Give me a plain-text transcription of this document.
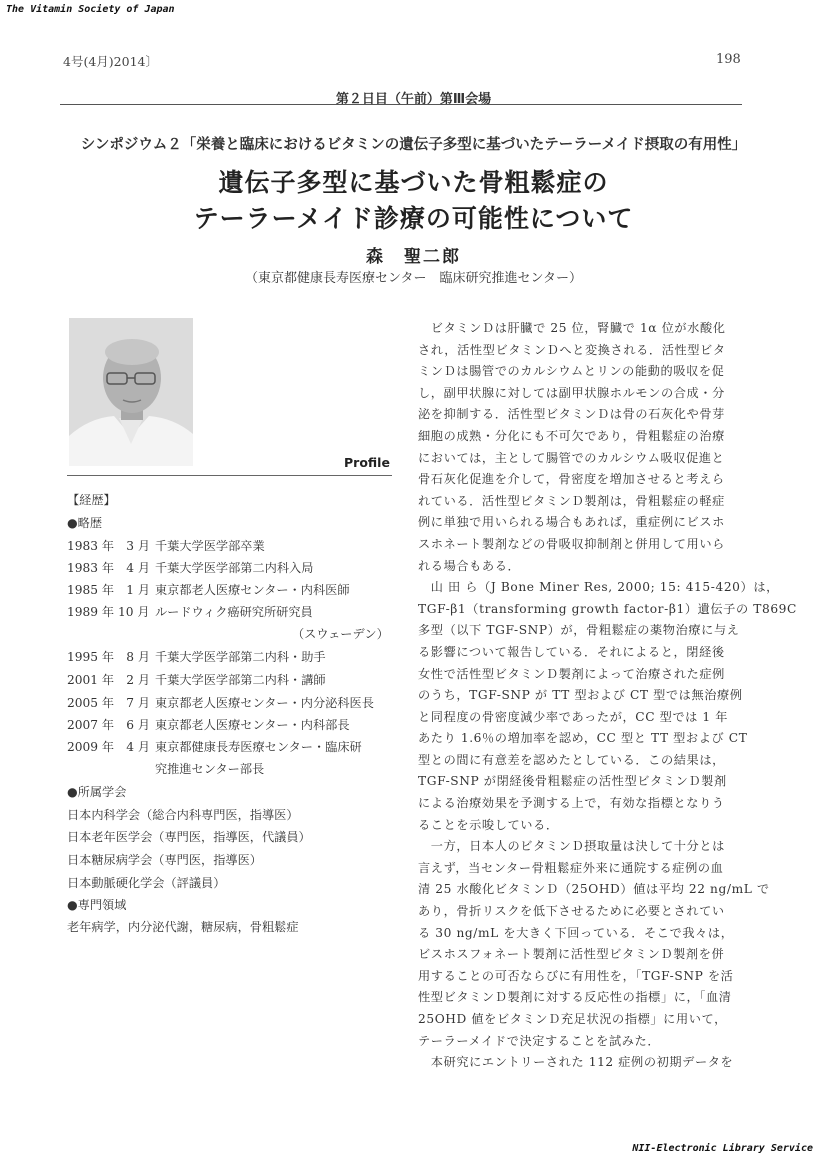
The Vitamin Society of Japan
4号(4月)2014〕	198
第２日目（午前）第Ⅲ会場
シンポジウム２「栄養と臨床におけるビタミンの遺伝子多型に基づいたテーラーメイド摂取の有用性」
遺伝子多型に基づいた骨粗鬆症の
テーラーメイド診療の可能性について
森　聖二郎
（東京都健康長寿医療センター　臨床研究推進センター）
Profile
【経歴】
●略歴
1983 年　3 月 千葉大学医学部卒業
1983 年　4 月 千葉大学医学部第二内科入局
1985 年　1 月 東京都老人医療センター・内科医師
1989 年 10 月 ルードウィク癌研究所研究員
（スウェーデン）
1995 年　8 月 千葉大学医学部第二内科・助手
2001 年　2 月 千葉大学医学部第二内科・講師
2005 年　7 月 東京都老人医療センター・内分泌科医長
2007 年　6 月 東京都老人医療センター・内科部長
2009 年　4 月 東京都健康長寿医療センター・臨床研
究推進センター部長
●所属学会
日本内科学会（総合内科専門医，指導医）
日本老年医学会（専門医，指導医，代議員）
日本糖尿病学会（専門医，指導医）
日本動脈硬化学会（評議員）
●専門領域
老年病学，内分泌代謝，糖尿病，骨粗鬆症
　ビタミンＤは肝臓で 25 位，腎臓で 1α 位が水酸化
され，活性型ビタミンＤへと変換される．活性型ビタ
ミンＤは腸管でのカルシウムとリンの能動的吸収を促
し，副甲状腺に対しては副甲状腺ホルモンの合成・分
泌を抑制する．活性型ビタミンＤは骨の石灰化や骨芽
細胞の成熟・分化にも不可欠であり，骨粗鬆症の治療
においては，主として腸管でのカルシウム吸収促進と
骨石灰化促進を介して，骨密度を増加させると考えら
れている．活性型ビタミンＤ製剤は，骨粗鬆症の軽症
例に単独で用いられる場合もあれば，重症例にビスホ
スホネート製剤などの骨吸収抑制剤と併用して用いら
れる場合もある．
　山 田 ら（J Bone Miner Res, 2000; 15: 415-420）は，
TGF-β1（transforming growth factor-β1）遺伝子の T869C
多型（以下 TGF-SNP）が，骨粗鬆症の薬物治療に与え
る影響について報告している．それによると，閉経後
女性で活性型ビタミンＤ製剤によって治療された症例
のうち，TGF-SNP が TT 型および CT 型では無治療例
と同程度の骨密度減少率であったが，CC 型では 1 年
あたり 1.6％の増加率を認め，CC 型と TT 型および CT
型との間に有意差を認めたとしている．この結果は，
TGF-SNP が閉経後骨粗鬆症の活性型ビタミンＤ製剤
による治療効果を予測する上で，有効な指標となりう
ることを示唆している．
　一方，日本人のビタミンＤ摂取量は決して十分とは
言えず，当センター骨粗鬆症外来に通院する症例の血
清 25 水酸化ビタミンＤ（25OHD）値は平均 22 ng/mL で
あり，骨折リスクを低下させるために必要とされてい
る 30 ng/mL を大きく下回っている．そこで我々は，
ビスホスフォネート製剤に活性型ビタミンＤ製剤を併
用することの可否ならびに有用性を，「TGF-SNP を活
性型ビタミンＤ製剤に対する反応性の指標」に，「血清
25OHD 値をビタミンＤ充足状況の指標」に用いて，
テーラーメイドで決定することを試みた．
　本研究にエントリーされた 112 症例の初期データを
NII-Electronic Library Service
